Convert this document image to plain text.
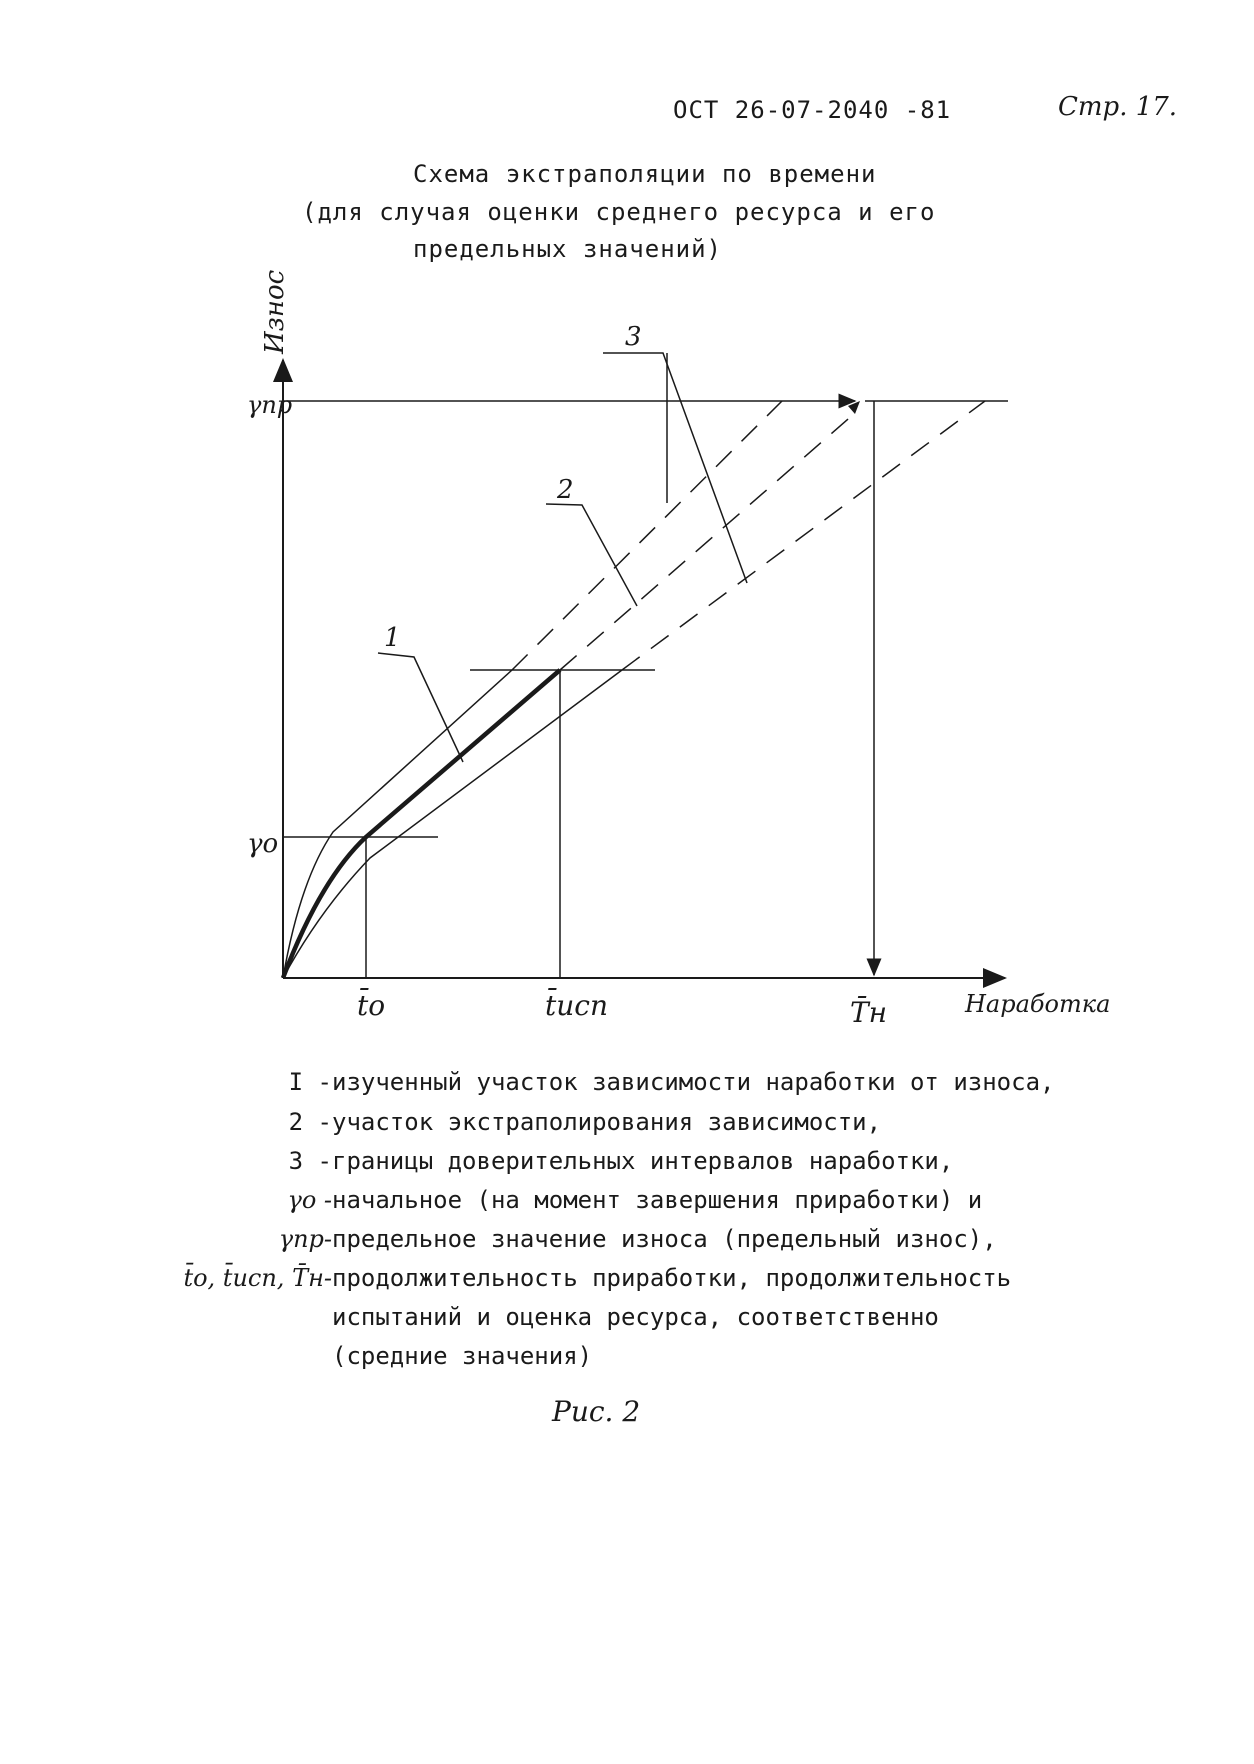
ОСТ 26-07-2040 -81	Стр. 17.
Схема экстраполяции по времени
(для случая оценки среднего ресурса и его
предельных значений)
1
2
3
Износ
γпр
γо
t̄о	t̄исп	T̄н	Наработка
I - изученный участок зависимости наработки от износа,
2 - участок экстраполирования зависимости,
3 - границы доверительных интервалов наработки,
γо - начальное (на момент завершения приработки) и
γпр- предельное значение износа (предельный износ),
t̄о, t̄исп, T̄н- продолжительность приработки, продолжительность
испытаний и оценка ресурса, соответственно
(средние значения)
Рис. 2
